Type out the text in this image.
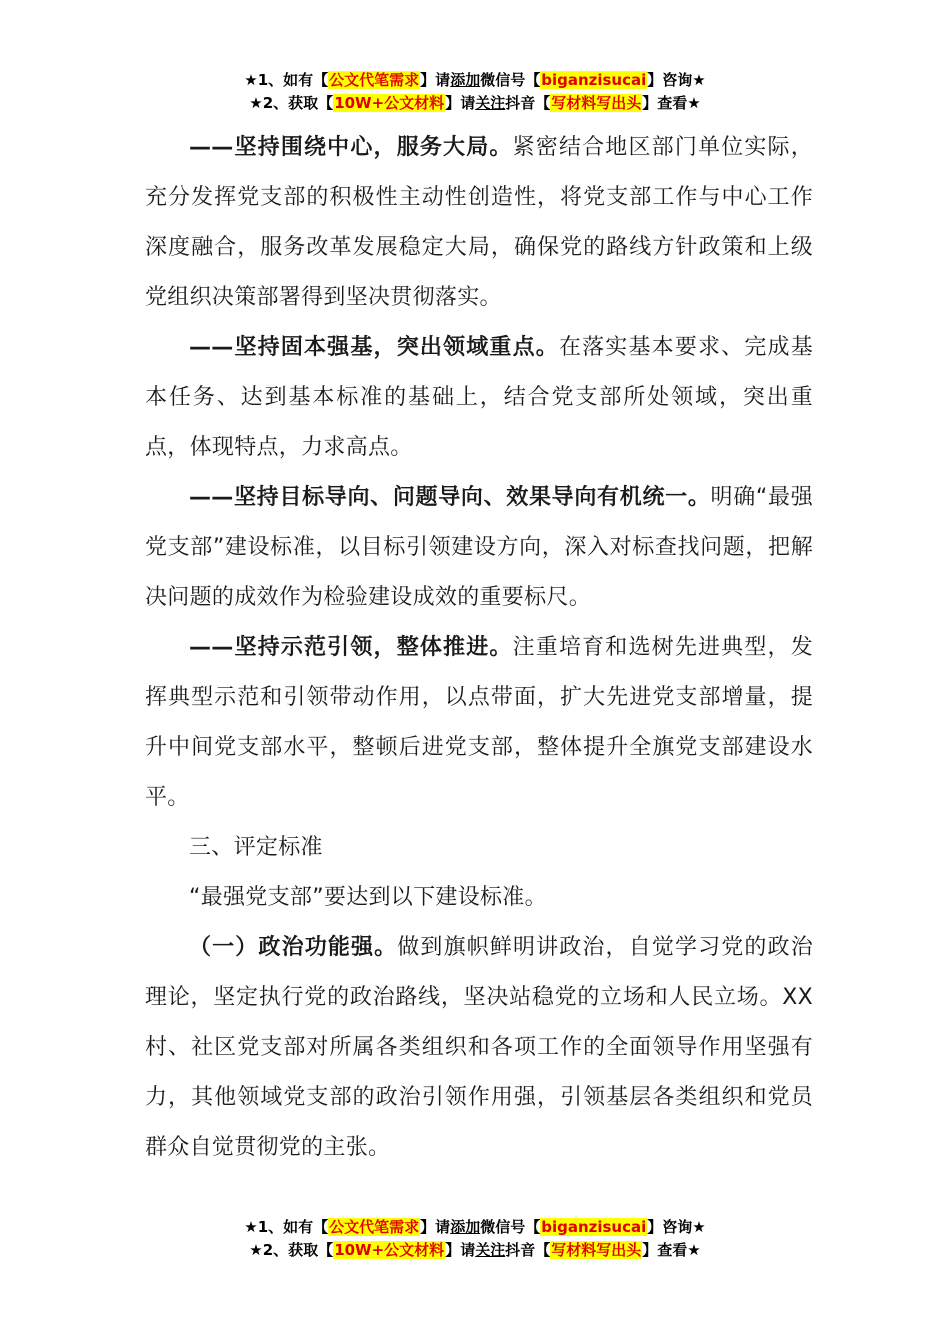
★1、如有【公文代笔需求】请添加微信号【biganzisucai】咨询★
★2、获取【10W+公文材料】请关注抖音【写材料写出头】查看★

——坚持围绕中心，服务大局。紧密结合地区部门单位实际，充分发挥党支部的积极性主动性创造性，将党支部工作与中心工作深度融合，服务改革发展稳定大局，确保党的路线方针政策和上级党组织决策部署得到坚决贯彻落实。

——坚持固本强基，突出领域重点。在落实基本要求、完成基本任务、达到基本标准的基础上，结合党支部所处领域，突出重点，体现特点，力求高点。

——坚持目标导向、问题导向、效果导向有机统一。明确“最强党支部”建设标准，以目标引领建设方向，深入对标查找问题，把解决问题的成效作为检验建设成效的重要标尺。

——坚持示范引领，整体推进。注重培育和选树先进典型，发挥典型示范和引领带动作用，以点带面，扩大先进党支部增量，提升中间党支部水平，整顿后进党支部，整体提升全旗党支部建设水平。

三、评定标准

“最强党支部”要达到以下建设标准。

（一）政治功能强。做到旗帜鲜明讲政治，自觉学习党的政治理论，坚定执行党的政治路线，坚决站稳党的立场和人民立场。XX村、社区党支部对所属各类组织和各项工作的全面领导作用坚强有力，其他领域党支部的政治引领作用强，引领基层各类组织和党员群众自觉贯彻党的主张。

★1、如有【公文代笔需求】请添加微信号【biganzisucai】咨询★
★2、获取【10W+公文材料】请关注抖音【写材料写出头】查看★
